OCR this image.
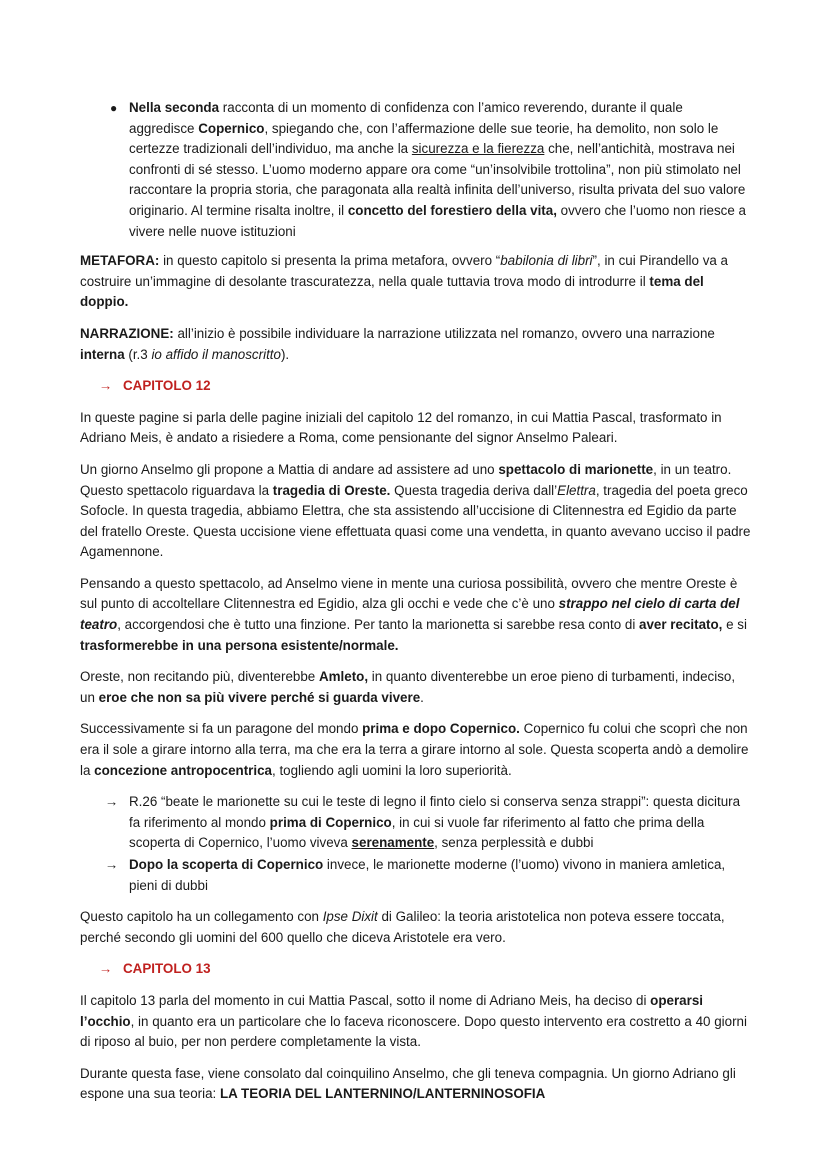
● Nella seconda racconta di un momento di confidenza con l’amico reverendo, durante il quale aggredisce Copernico, spiegando che, con l’affermazione delle sue teorie, ha demolito, non solo le certezze tradizionali dell’individuo, ma anche la sicurezza e la fierezza che, nell’antichità, mostrava nei confronti di sé stesso. L’uomo moderno appare ora come “un’insolvibile trottolina”, non più stimolato nel raccontare la propria storia, che paragonata alla realtà infinita dell’universo, risulta privata del suo valore originario. Al termine risalta inoltre, il concetto del forestiero della vita, ovvero che l’uomo non riesce a vivere nelle nuove istituzioni

METAFORA: in questo capitolo si presenta la prima metafora, ovvero “babilonia di libri”, in cui Pirandello va a costruire un’immagine di desolante trascuratezza, nella quale tuttavia trova modo di introdurre il tema del doppio.

NARRAZIONE: all’inizio è possibile individuare la narrazione utilizzata nel romanzo, ovvero una narrazione interna (r.3 io affido il manoscritto).

→ CAPITOLO 12

In queste pagine si parla delle pagine iniziali del capitolo 12 del romanzo, in cui Mattia Pascal, trasformato in Adriano Meis, è andato a risiedere a Roma, come pensionante del signor Anselmo Paleari.

Un giorno Anselmo gli propone a Mattia di andare ad assistere ad uno spettacolo di marionette, in un teatro. Questo spettacolo riguardava la tragedia di Oreste. Questa tragedia deriva dall’Elettra, tragedia del poeta greco Sofocle. In questa tragedia, abbiamo Elettra, che sta assistendo all’uccisione di Clitennestra ed Egidio da parte del fratello Oreste. Questa uccisione viene effettuata quasi come una vendetta, in quanto avevano ucciso il padre Agamennone.

Pensando a questo spettacolo, ad Anselmo viene in mente una curiosa possibilità, ovvero che mentre Oreste è sul punto di accoltellare Clitennestra ed Egidio, alza gli occhi e vede che c’è uno strappo nel cielo di carta del teatro, accorgendosi che è tutto una finzione. Per tanto la marionetta si sarebbe resa conto di aver recitato, e si trasformerebbe in una persona esistente/normale.

Oreste, non recitando più, diventerebbe Amleto, in quanto diventerebbe un eroe pieno di turbamenti, indeciso, un eroe che non sa più vivere perché si guarda vivere.

Successivamente si fa un paragone del mondo prima e dopo Copernico. Copernico fu colui che scoprì che non era il sole a girare intorno alla terra, ma che era la terra a girare intorno al sole. Questa scoperta andò a demolire la concezione antropocentrica, togliendo agli uomini la loro superiorità.

→ R.26 “beate le marionette su cui le teste di legno il finto cielo si conserva senza strappi”: questa dicitura fa riferimento al mondo prima di Copernico, in cui si vuole far riferimento al fatto che prima della scoperta di Copernico, l’uomo viveva serenamente, senza perplessità e dubbi
→ Dopo la scoperta di Copernico invece, le marionette moderne (l’uomo) vivono in maniera amletica, pieni di dubbi

Questo capitolo ha un collegamento con Ipse Dixit di Galileo: la teoria aristotelica non poteva essere toccata, perché secondo gli uomini del 600 quello che diceva Aristotele era vero.

→ CAPITOLO 13

Il capitolo 13 parla del momento in cui Mattia Pascal, sotto il nome di Adriano Meis, ha deciso di operarsi l’occhio, in quanto era un particolare che lo faceva riconoscere. Dopo questo intervento era costretto a 40 giorni di riposo al buio, per non perdere completamente la vista.

Durante questa fase, viene consolato dal coinquilino Anselmo, che gli teneva compagnia. Un giorno Adriano gli espone una sua teoria: LA TEORIA DEL LANTERNINO/LANTERNINOSOFIA
